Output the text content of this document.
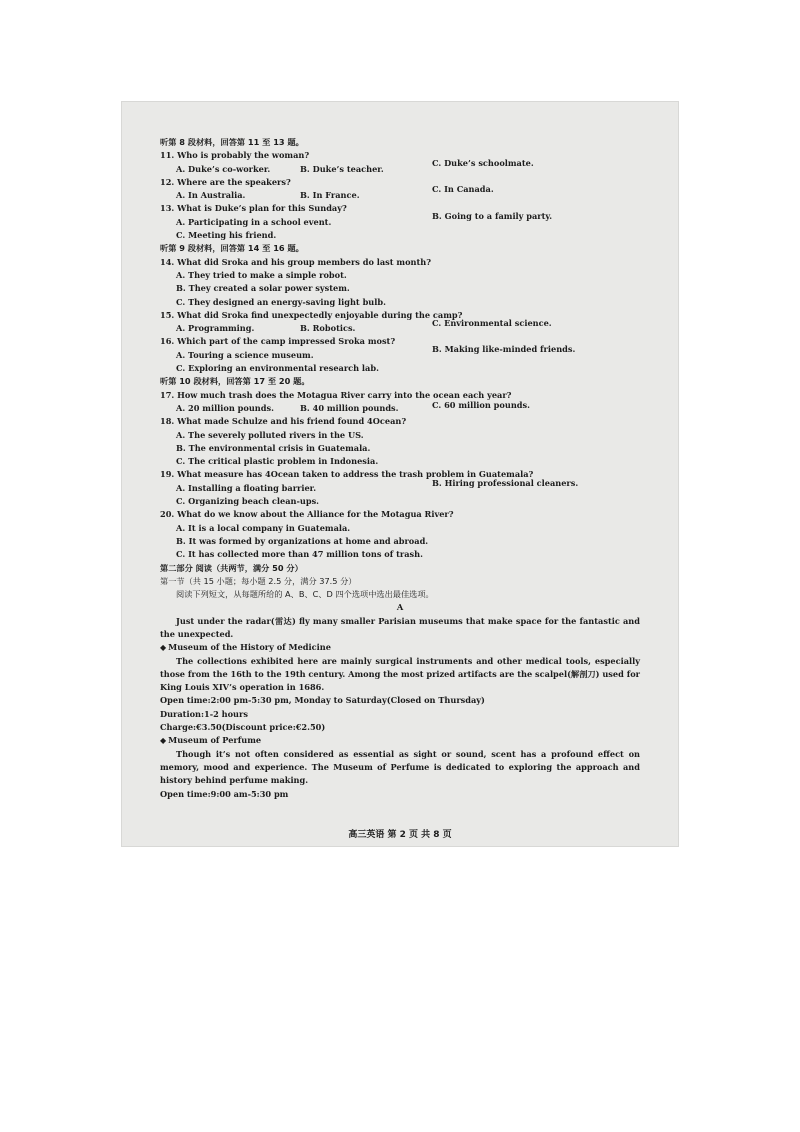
听第 8 段材料，回答第 11 至 13 题。
11. Who is probably the woman?
A. Duke’s co-worker.	B. Duke’s teacher.
C. Duke’s schoolmate.
12. Where are the speakers?
A. In Australia.	B. In France.
C. In Canada.
13. What is Duke’s plan for this Sunday?
A. Participating in a school event.B. Going to a family party.
C. Meeting his friend.
听第 9 段材料，回答第 14 至 16 题。
14. What did Sroka and his group members do last month?
A. They tried to make a simple robot.
B. They created a solar power system.
C. They designed an energy-saving light bulb.
15. What did Sroka find unexpectedly enjoyable during the camp?
A. Programming.	B. Robotics.	C. Environmental science.
16. Which part of the camp impressed Sroka most?
A. Touring a science museum.B. Making like-minded friends.
C. Exploring an environmental research lab.
听第 10 段材料，回答第 17 至 20 题。
17. How much trash does the Motagua River carry into the ocean each year?
A. 20 million pounds.	B. 40 million pounds.	C. 60 million pounds.
18. What made Schulze and his friend found 4Ocean?
A. The severely polluted rivers in the US.
B. The environmental crisis in Guatemala.
C. The critical plastic problem in Indonesia.
19. What measure has 4Ocean taken to address the trash problem in Guatemala?
A. Installing a floating barrier.	B. Hiring professional cleaners.
C. Organizing beach clean-ups.
20. What do we know about the Alliance for the Motagua River?
A. It is a local company in Guatemala.
B. It was formed by organizations at home and abroad.
C. It has collected more than 47 million tons of trash.
第二部分 阅读（共两节，满分 50 分）
第一节（共 15 小题；每小题 2.5 分，满分 37.5 分）
阅读下列短文，从每题所给的 A、B、C、D 四个选项中选出最佳选项。
A
Just under the radar(雷达) fly many smaller Parisian museums that make space for the fantastic and the unexpected.
◆ Museum of the History of Medicine
The collections exhibited here are mainly surgical instruments and other medical tools, especially those from the 16th to the 19th century. Among the most prized artifacts are the scalpel(解剖刀) used for King Louis XIV’s operation in 1686.
Open time:2:00 pm-5:30 pm, Monday to Saturday(Closed on Thursday)
Duration:1-2 hours
Charge:€3.50(Discount price:€2.50)
◆ Museum of Perfume
Though it’s not often considered as essential as sight or sound, scent has a profound effect on memory, mood and experience. The Museum of Perfume is dedicated to exploring the approach and history behind perfume making.
Open time:9:00 am-5:30 pm
高三英语 第 2 页 共 8 页
